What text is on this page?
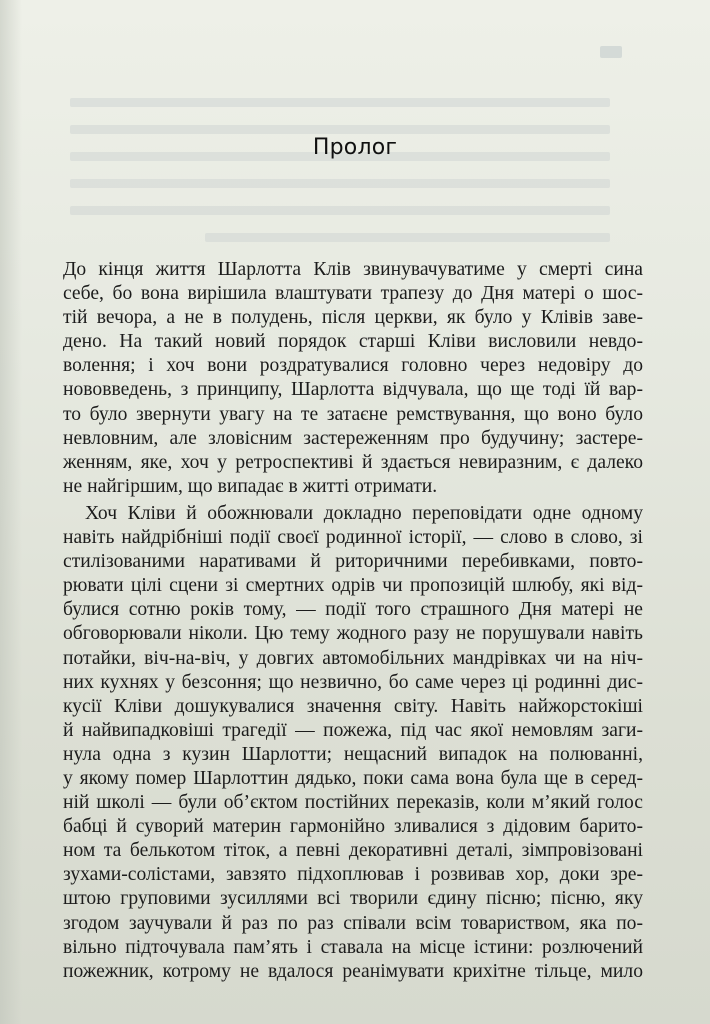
Пролог
До кінця життя Шарлотта Клів звинувачуватиме у смерті сина
себе, бо вона вирішила влаштувати трапезу до Дня матері о шос-
тій вечора, а не в полудень, після церкви, як було у Клівів заве-
дено. На такий новий порядок старші Кліви висловили невдо-
волення; і хоч вони роздратувалися головно через недовіру до
нововведень, з принципу, Шарлотта відчувала, що ще тоді їй вар-
то було звернути увагу на те затаєне ремствування, що воно було
невловним, але зловісним застереженням про будучину; застере-
женням, яке, хоч у ретроспективі й здається невиразним, є далеко
не найгіршим, що випадає в житті отримати.
Хоч Кліви й обожнювали докладно переповідати одне одному
навіть найдрібніші події своєї родинної історії, — слово в слово, зі
стилізованими наративами й риторичними перебивками, повто-
рювати цілі сцени зі смертних одрів чи пропозицій шлюбу, які від-
булися сотню років тому, — події того страшного Дня матері не
обговорювали ніколи. Цю тему жодного разу не порушували навіть
потайки, віч-на-віч, у довгих автомобільних мандрівках чи на ніч-
них кухнях у безсоння; що незвично, бо саме через ці родинні дис-
кусії Кліви дошукувалися значення світу. Навіть найжорстокіші
й найвипадковіші трагедії — пожежа, під час якої немовлям заги-
нула одна з кузин Шарлотти; нещасний випадок на полюванні,
у якому помер Шарлоттин дядько, поки сама вона була ще в серед-
ній школі — були об’єктом постійних переказів, коли м’який голос
бабці й суворий материн гармонійно зливалися з дідовим барито-
ном та белькотом тіток, а певні декоративні деталі, зімпровізовані
зухами-солістами, завзято підхоплював і розвивав хор, доки зре-
штою груповими зусиллями всі творили єдину пісню; пісню, яку
згодом заучували й раз по раз співали всім товариством, яка по-
вільно підточувала пам’ять і ставала на місце істини: розлючений
пожежник, котрому не вдалося реанімувати крихітне тільце, мило
